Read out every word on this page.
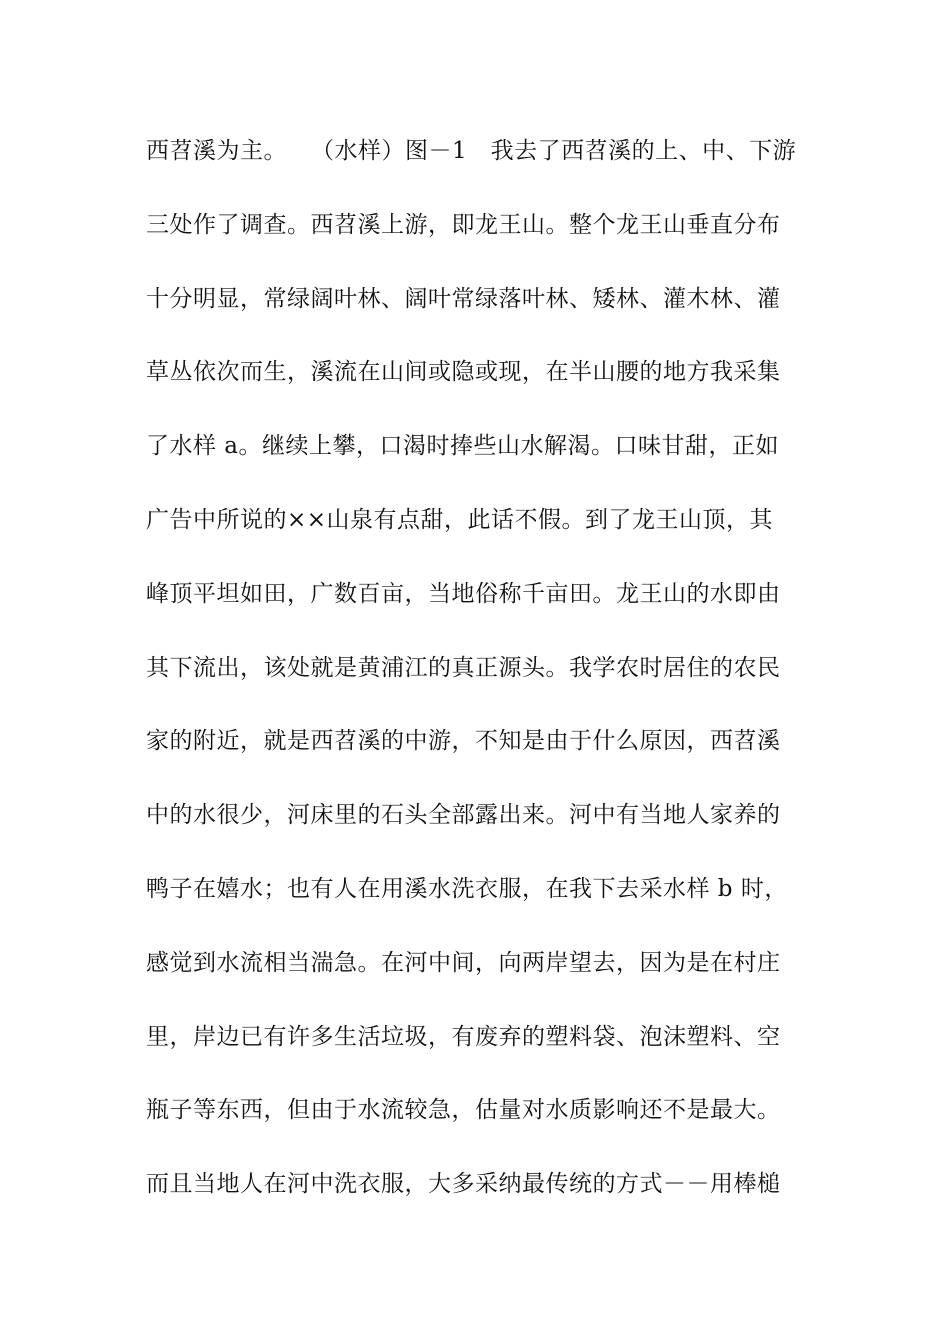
西苕溪为主。　　（水样）图－1　我去了西苕溪的上、中、下游
三处作了调查。西苕溪上游，即龙王山。整个龙王山垂直分布
十分明显，常绿阔叶林、阔叶常绿落叶林、矮林、灌木林、灌
草丛依次而生，溪流在山间或隐或现，在半山腰的地方我采集
了水样 a。继续上攀，口渴时捧些山水解渴。口味甘甜，正如
广告中所说的××山泉有点甜，此话不假。到了龙王山顶，其
峰顶平坦如田，广数百亩，当地俗称千亩田。龙王山的水即由
其下流出，该处就是黄浦江的真正源头。我学农时居住的农民
家的附近，就是西苕溪的中游，不知是由于什么原因，西苕溪
中的水很少，河床里的石头全部露出来。河中有当地人家养的
鸭子在嬉水；也有人在用溪水洗衣服，在我下去采水样 b 时，
感觉到水流相当湍急。在河中间，向两岸望去，因为是在村庄
里，岸边已有许多生活垃圾，有废弃的塑料袋、泡沫塑料、空
瓶子等东西，但由于水流较急，估量对水质影响还不是最大。
而且当地人在河中洗衣服，大多采纳最传统的方式－－用棒槌
